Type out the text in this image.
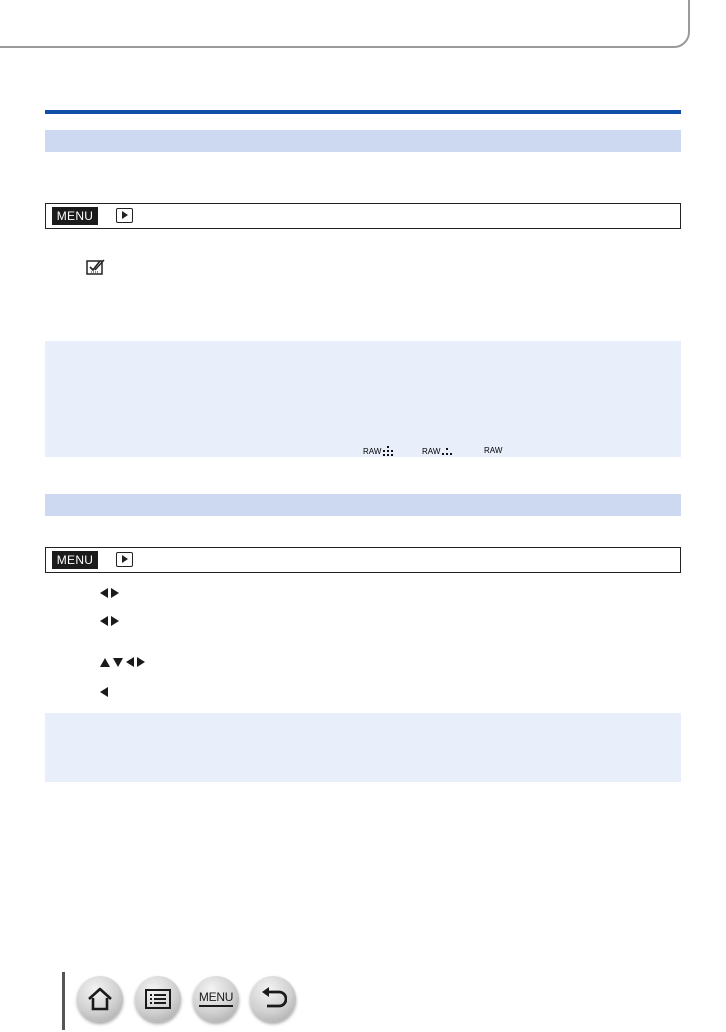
MENU
RAW	RAW	RAW
MENU
MENU
